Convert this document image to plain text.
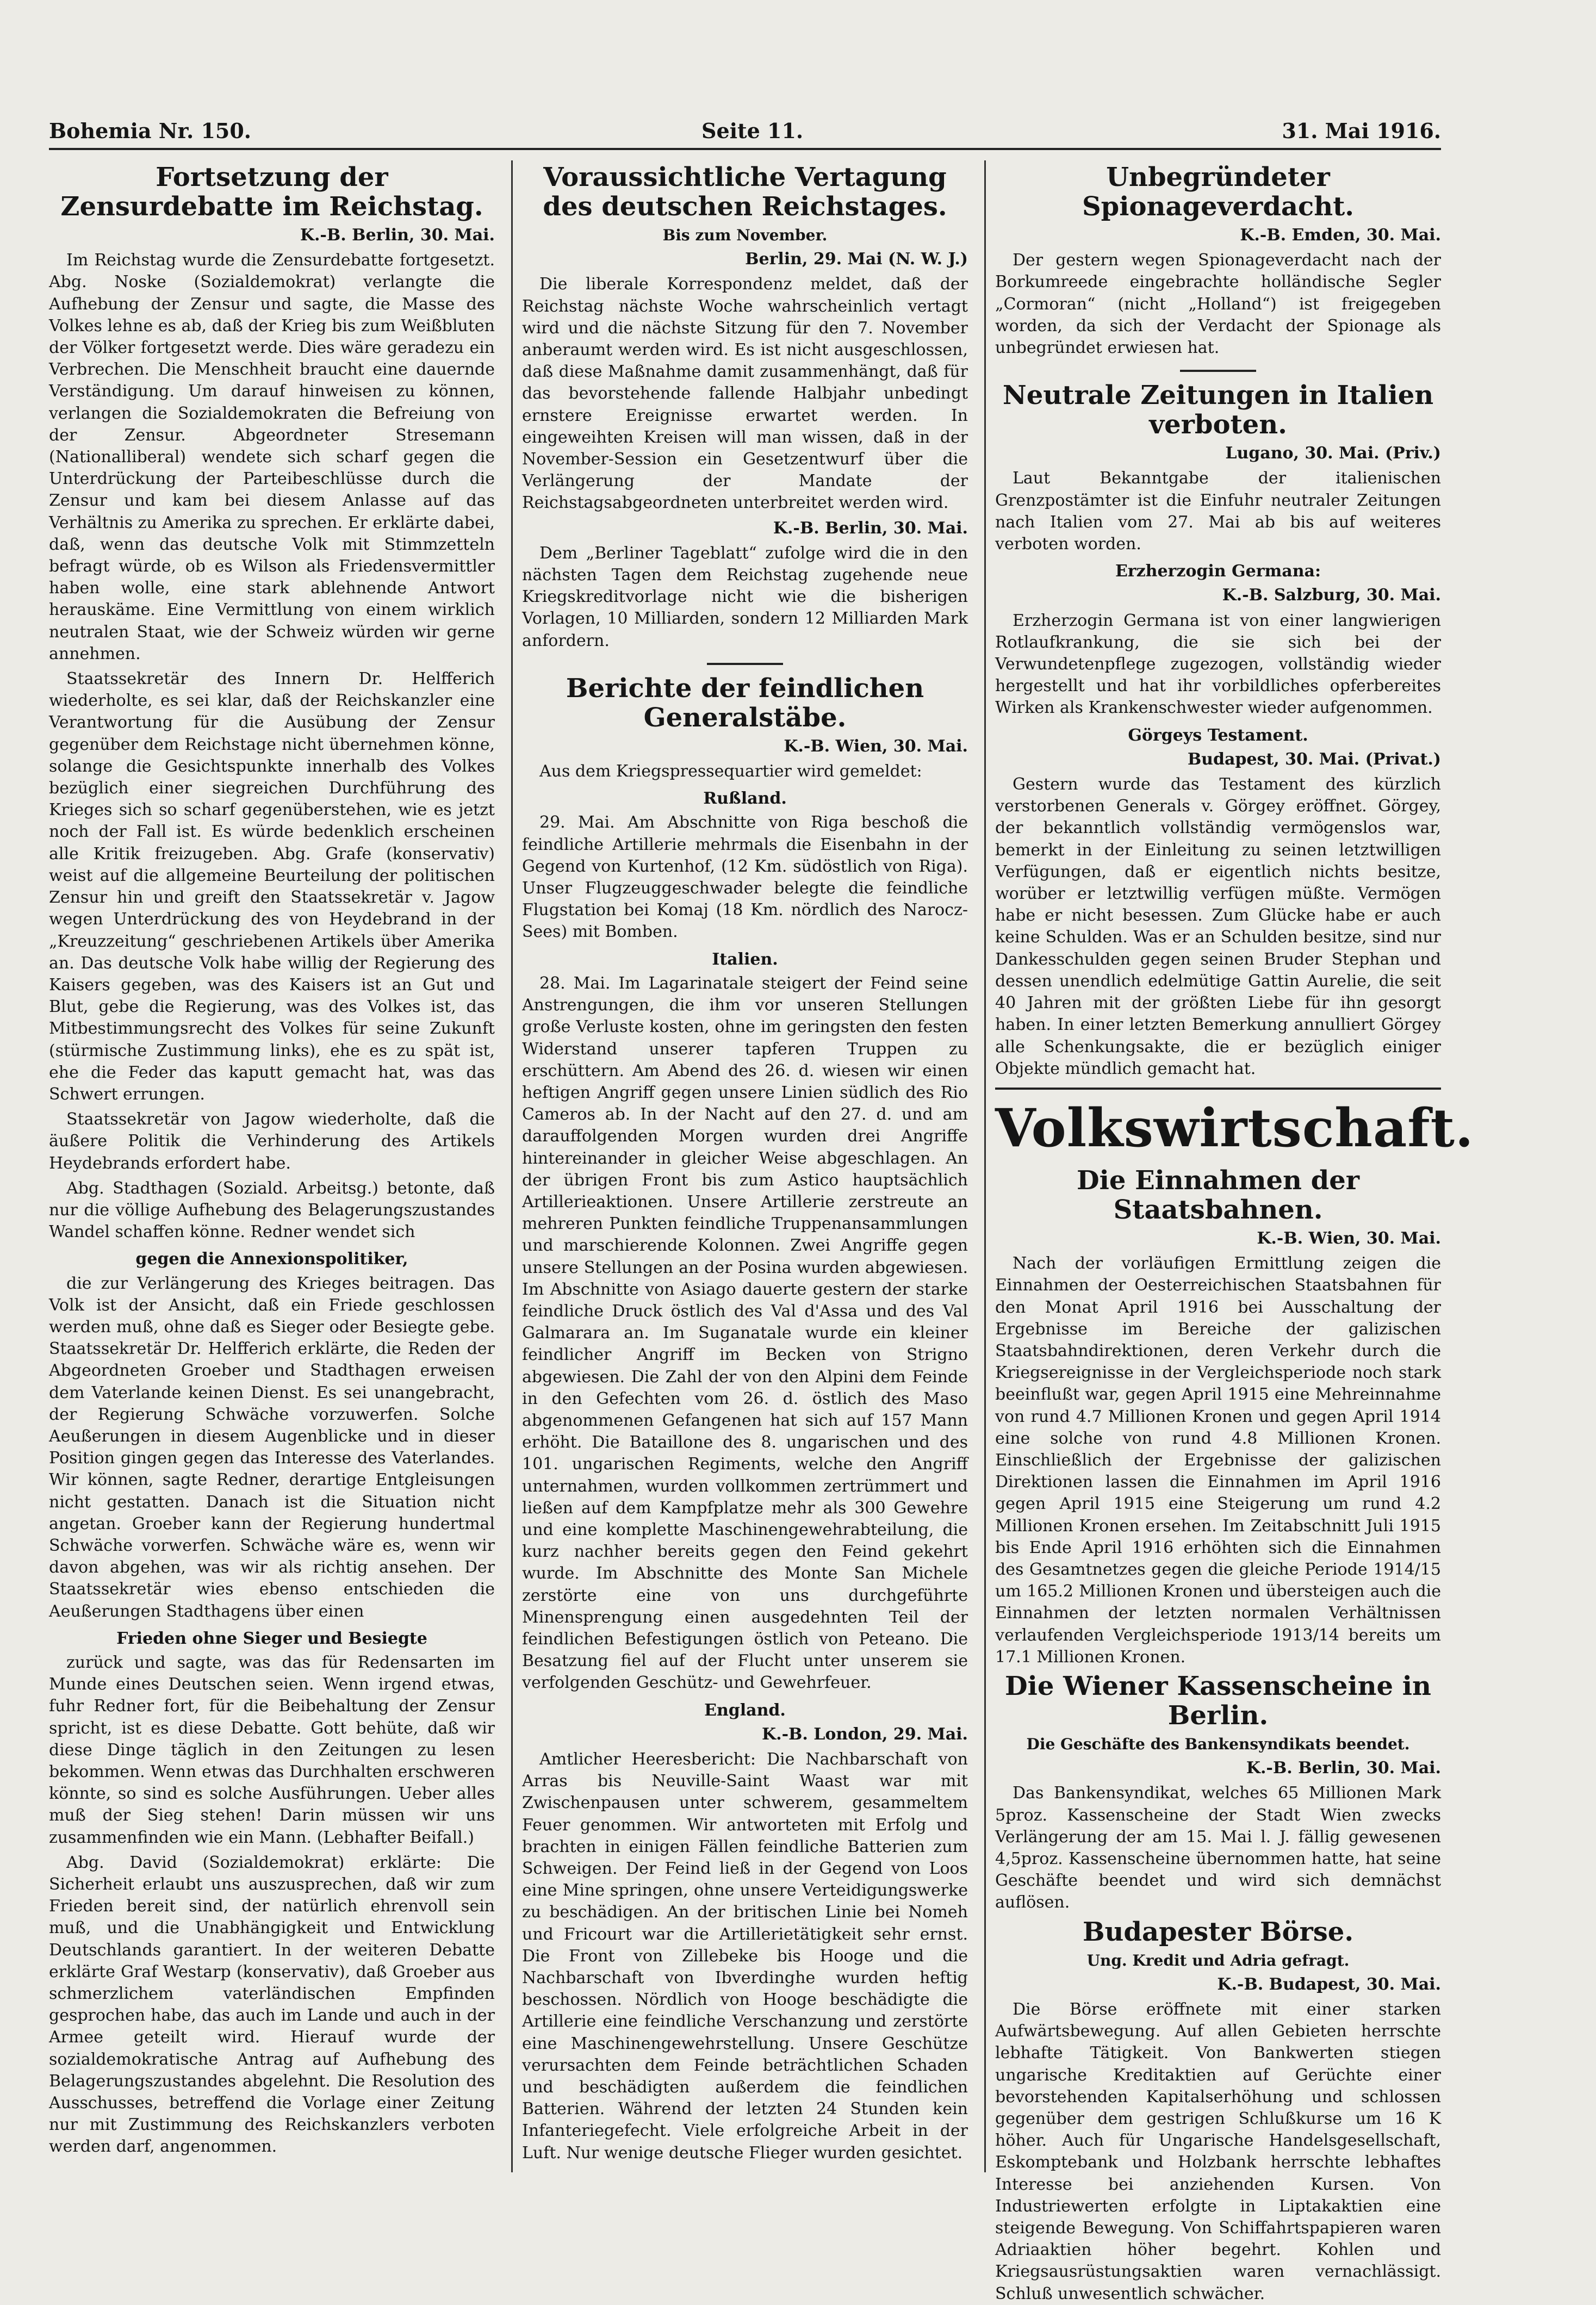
Bohemia Nr. 150.	Seite 11.	31. Mai 1916.
Fortsetzung der Zensurdebatte im Reichstag.
K.-B. Berlin, 30. Mai.

Im Reichstag wurde die Zensurdebatte fortgesetzt. Abg. Noske (Sozialdemokrat) verlangte die Aufhebung der Zensur und sagte, die Masse des Volkes lehne es ab, daß der Krieg bis zum Weißbluten der Völker fortgesetzt werde. Dies wäre geradezu ein Verbrechen. Die Menschheit braucht eine dauernde Verständigung. Um darauf hinweisen zu können, verlangen die Sozialdemokraten die Befreiung von der Zensur. Abgeordneter Stresemann (Nationalliberal) wendete sich scharf gegen die Unterdrückung der Parteibeschlüsse durch die Zensur und kam bei diesem Anlasse auf das Verhältnis zu Amerika zu sprechen. Er erklärte dabei, daß, wenn das deutsche Volk mit Stimmzetteln befragt würde, ob es Wilson als Friedensvermittler haben wolle, eine stark ablehnende Antwort herauskäme. Eine Vermittlung von einem wirklich neutralen Staat, wie der Schweiz würden wir gerne annehmen.

Staatssekretär des Innern Dr. Helfferich wiederholte, es sei klar, daß der Reichskanzler eine Verantwortung für die Ausübung der Zensur gegenüber dem Reichstage nicht übernehmen könne, solange die Gesichtspunkte innerhalb des Volkes bezüglich einer siegreichen Durchführung des Krieges sich so scharf gegenüberstehen, wie es jetzt noch der Fall ist. Es würde bedenklich erscheinen alle Kritik freizugeben. Abg. Grafe (konservativ) weist auf die allgemeine Beurteilung der politischen Zensur hin und greift den Staatssekretär v. Jagow wegen Unterdrückung des von Heydebrand in der „Kreuzzeitung“ geschriebenen Artikels über Amerika an. Das deutsche Volk habe willig der Regierung des Kaisers gegeben, was des Kaisers ist an Gut und Blut, gebe die Regierung, was des Volkes ist, das Mitbestimmungsrecht des Volkes für seine Zukunft (stürmische Zustimmung links), ehe es zu spät ist, ehe die Feder das kaputt gemacht hat, was das Schwert errungen.

Staatssekretär von Jagow wiederholte, daß die äußere Politik die Verhinderung des Artikels Heydebrands erfordert habe.

Abg. Stadthagen (Soziald. Arbeitsg.) betonte, daß nur die völlige Aufhebung des Belagerungszustandes Wandel schaffen könne. Redner wendet sich

gegen die Annexionspolitiker,

die zur Verlängerung des Krieges beitragen. Das Volk ist der Ansicht, daß ein Friede geschlossen werden muß, ohne daß es Sieger oder Besiegte gebe. Staatssekretär Dr. Helfferich erklärte, die Reden der Abgeordneten Groeber und Stadthagen erweisen dem Vaterlande keinen Dienst. Es sei unangebracht, der Regierung Schwäche vorzuwerfen. Solche Aeußerungen in diesem Augenblicke und in dieser Position gingen gegen das Interesse des Vaterlandes. Wir können, sagte Redner, derartige Entgleisungen nicht gestatten. Danach ist die Situation nicht angetan. Groeber kann der Regierung hundertmal Schwäche vorwerfen. Schwäche wäre es, wenn wir davon abgehen, was wir als richtig ansehen. Der Staatssekretär wies ebenso entschieden die Aeußerungen Stadthagens über einen

Frieden ohne Sieger und Besiegte

zurück und sagte, was das für Redensarten im Munde eines Deutschen seien. Wenn irgend etwas, fuhr Redner fort, für die Beibehaltung der Zensur spricht, ist es diese Debatte. Gott behüte, daß wir diese Dinge täglich in den Zeitungen zu lesen bekommen. Wenn etwas das Durchhalten erschweren könnte, so sind es solche Ausführungen. Ueber alles muß der Sieg stehen! Darin müssen wir uns zusammenfinden wie ein Mann. (Lebhafter Beifall.)

Abg. David (Sozialdemokrat) erklärte: Die Sicherheit erlaubt uns auszusprechen, daß wir zum Frieden bereit sind, der natürlich ehrenvoll sein muß, und die Unabhängigkeit und Entwicklung Deutschlands garantiert. In der weiteren Debatte erklärte Graf Westarp (konservativ), daß Groeber aus schmerzlichem vaterländischen Empfinden gesprochen habe, das auch im Lande und auch in der Armee geteilt wird. Hierauf wurde der sozialdemokratische Antrag auf Aufhebung des Belagerungszustandes abgelehnt. Die Resolution des Ausschusses, betreffend die Vorlage einer Zeitung nur mit Zustimmung des Reichskanzlers verboten werden darf, angenommen.

Voraussichtliche Vertagung des deutschen Reichstages.
Bis zum November.
Berlin, 29. Mai (N. W. J.)

Die liberale Korrespondenz meldet, daß der Reichstag nächste Woche wahrscheinlich vertagt wird und die nächste Sitzung für den 7. November anberaumt werden wird. Es ist nicht ausgeschlossen, daß diese Maßnahme damit zusammenhängt, daß für das bevorstehende fallende Halbjahr unbedingt ernstere Ereignisse erwartet werden. In eingeweihten Kreisen will man wissen, daß in der November-Session ein Gesetzentwurf über die Verlängerung der Mandate der Reichstagsabgeordneten unterbreitet werden wird.

K.-B. Berlin, 30. Mai.

Dem „Berliner Tageblatt“ zufolge wird die in den nächsten Tagen dem Reichstag zugehende neue Kriegskreditvorlage nicht wie die bisherigen Vorlagen, 10 Milliarden, sondern 12 Milliarden Mark anfordern.

Berichte der feindlichen Generalstäbe.
K.-B. Wien, 30. Mai.

Aus dem Kriegspressequartier wird gemeldet:

Rußland.

29. Mai. Am Abschnitte von Riga beschoß die feindliche Artillerie mehrmals die Eisenbahn in der Gegend von Kurtenhof, (12 Km. südöstlich von Riga). Unser Flugzeuggeschwader belegte die feindliche Flugstation bei Komaj (18 Km. nördlich des Narocz-Sees) mit Bomben.

Italien.

28. Mai. Im Lagarinatale steigert der Feind seine Anstrengungen, die ihm vor unseren Stellungen große Verluste kosten, ohne im geringsten den festen Widerstand unserer tapferen Truppen zu erschüttern. Am Abend des 26. d. wiesen wir einen heftigen Angriff gegen unsere Linien südlich des Rio Cameros ab. In der Nacht auf den 27. d. und am darauffolgenden Morgen wurden drei Angriffe hintereinander in gleicher Weise abgeschlagen. An der übrigen Front bis zum Astico hauptsächlich Artillerieaktionen. Unsere Artillerie zerstreute an mehreren Punkten feindliche Truppenansammlungen und marschierende Kolonnen. Zwei Angriffe gegen unsere Stellungen an der Posina wurden abgewiesen. Im Abschnitte von Asiago dauerte gestern der starke feindliche Druck östlich des Val d'Assa und des Val Galmarara an. Im Suganatale wurde ein kleiner feindlicher Angriff im Becken von Strigno abgewiesen. Die Zahl der von den Alpini dem Feinde in den Gefechten vom 26. d. östlich des Maso abgenommenen Gefangenen hat sich auf 157 Mann erhöht. Die Bataillone des 8. ungarischen und des 101. ungarischen Regiments, welche den Angriff unternahmen, wurden vollkommen zertrümmert und ließen auf dem Kampfplatze mehr als 300 Gewehre und eine komplette Maschinengewehrabteilung, die kurz nachher bereits gegen den Feind gekehrt wurde. Im Abschnitte des Monte San Michele zerstörte eine von uns durchgeführte Minensprengung einen ausgedehnten Teil der feindlichen Befestigungen östlich von Peteano. Die Besatzung fiel auf der Flucht unter unserem sie verfolgenden Geschütz- und Gewehrfeuer.

England.
K.-B. London, 29. Mai.

Amtlicher Heeresbericht: Die Nachbarschaft von Arras bis Neuville-Saint Waast war mit Zwischenpausen unter schwerem, gesammeltem Feuer genommen. Wir antworteten mit Erfolg und brachten in einigen Fällen feindliche Batterien zum Schweigen. Der Feind ließ in der Gegend von Loos eine Mine springen, ohne unsere Verteidigungswerke zu beschädigen. An der britischen Linie bei Nomeh und Fricourt war die Artillerietätigkeit sehr ernst. Die Front von Zillebeke bis Hooge und die Nachbarschaft von Ibverdinghe wurden heftig beschossen. Nördlich von Hooge beschädigte die Artillerie eine feindliche Verschanzung und zerstörte eine Maschinengewehrstellung. Unsere Geschütze verursachten dem Feinde beträchtlichen Schaden und beschädigten außerdem die feindlichen Batterien. Während der letzten 24 Stunden kein Infanteriegefecht. Viele erfolgreiche Arbeit in der Luft. Nur wenige deutsche Flieger wurden gesichtet.

Unbegründeter Spionageverdacht.
K.-B. Emden, 30. Mai.

Der gestern wegen Spionageverdacht nach der Borkumreede eingebrachte holländische Segler „Cormoran“ (nicht „Holland“) ist freigegeben worden, da sich der Verdacht der Spionage als unbegründet erwiesen hat.

Neutrale Zeitungen in Italien verboten.
Lugano, 30. Mai. (Priv.)

Laut Bekanntgabe der italienischen Grenzpostämter ist die Einfuhr neutraler Zeitungen nach Italien vom 27. Mai ab bis auf weiteres verboten worden.

Erzherzogin Germana:
K.-B. Salzburg, 30. Mai.

Erzherzogin Germana ist von einer langwierigen Rotlaufkrankung, die sie sich bei der Verwundetenpflege zugezogen, vollständig wieder hergestellt und hat ihr vorbildliches opferbereites Wirken als Krankenschwester wieder aufgenommen.

Görgeys Testament.
Budapest, 30. Mai. (Privat.)

Gestern wurde das Testament des kürzlich verstorbenen Generals v. Görgey eröffnet. Görgey, der bekanntlich vollständig vermögenslos war, bemerkt in der Einleitung zu seinen letztwilligen Verfügungen, daß er eigentlich nichts besitze, worüber er letztwillig verfügen müßte. Vermögen habe er nicht besessen. Zum Glücke habe er auch keine Schulden. Was er an Schulden besitze, sind nur Dankesschulden gegen seinen Bruder Stephan und dessen unendlich edelmütige Gattin Aurelie, die seit 40 Jahren mit der größten Liebe für ihn gesorgt haben. In einer letzten Bemerkung annulliert Görgey alle Schenkungsakte, die er bezüglich einiger Objekte mündlich gemacht hat.

Volkswirtschaft.
Die Einnahmen der Staatsbahnen.
K.-B. Wien, 30. Mai.

Nach der vorläufigen Ermittlung zeigen die Einnahmen der Oesterreichischen Staatsbahnen für den Monat April 1916 bei Ausschaltung der Ergebnisse im Bereiche der galizischen Staatsbahndirektionen, deren Verkehr durch die Kriegsereignisse in der Vergleichsperiode noch stark beeinflußt war, gegen April 1915 eine Mehreinnahme von rund 4.7 Millionen Kronen und gegen April 1914 eine solche von rund 4.8 Millionen Kronen. Einschließlich der Ergebnisse der galizischen Direktionen lassen die Einnahmen im April 1916 gegen April 1915 eine Steigerung um rund 4.2 Millionen Kronen ersehen. Im Zeitabschnitt Juli 1915 bis Ende April 1916 erhöhten sich die Einnahmen des Gesamtnetzes gegen die gleiche Periode 1914/15 um 165.2 Millionen Kronen und übersteigen auch die Einnahmen der letzten normalen Verhältnissen verlaufenden Vergleichsperiode 1913/14 bereits um 17.1 Millionen Kronen.

Die Wiener Kassenscheine in Berlin.
Die Geschäfte des Bankensyndikats beendet.
K.-B. Berlin, 30. Mai.

Das Bankensyndikat, welches 65 Millionen Mark 5proz. Kassenscheine der Stadt Wien zwecks Verlängerung der am 15. Mai l. J. fällig gewesenen 4,5proz. Kassenscheine übernommen hatte, hat seine Geschäfte beendet und wird sich demnächst auflösen.

Budapester Börse.
Ung. Kredit und Adria gefragt.
K.-B. Budapest, 30. Mai.

Die Börse eröffnete mit einer starken Aufwärtsbewegung. Auf allen Gebieten herrschte lebhafte Tätigkeit. Von Bankwerten stiegen ungarische Kreditaktien auf Gerüchte einer bevorstehenden Kapitalserhöhung und schlossen gegenüber dem gestrigen Schlußkurse um 16 K höher. Auch für Ungarische Handelsgesellschaft, Eskomptebank und Holzbank herrschte lebhaftes Interesse bei anziehenden Kursen. Von Industriewerten erfolgte in Liptakaktien eine steigende Bewegung. Von Schiffahrtspapieren waren Adriaaktien höher begehrt. Kohlen und Kriegsausrüstungsaktien waren vernachlässigt. Schluß unwesentlich schwächer.
